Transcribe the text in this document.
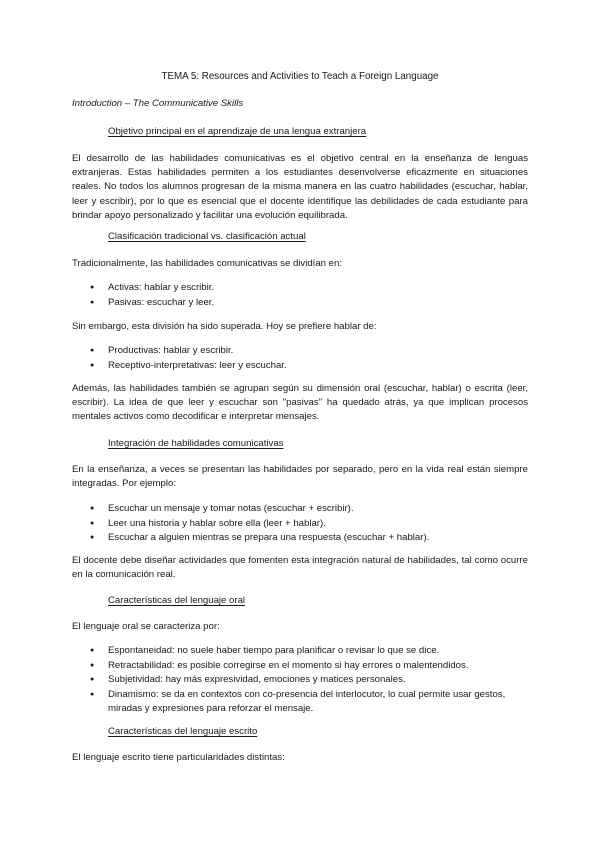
TEMA 5: Resources and Activities to Teach a Foreign Language
Introduction – The Communicative Skills
Objetivo principal en el aprendizaje de una lengua extranjera
El desarrollo de las habilidades comunicativas es el objetivo central en la enseñanza de lenguas extranjeras. Estas habilidades permiten a los estudiantes desenvolverse eficazmente en situaciones reales. No todos los alumnos progresan de la misma manera en las cuatro habilidades (escuchar, hablar, leer y escribir), por lo que es esencial que el docente identifique las debilidades de cada estudiante para brindar apoyo personalizado y facilitar una evolución equilibrada.
Clasificación tradicional vs. clasificación actual
Tradicionalmente, las habilidades comunicativas se dividían en:
● Activas: hablar y escribir.
● Pasivas: escuchar y leer.
Sin embargo, esta división ha sido superada. Hoy se prefiere hablar de:
● Productivas: hablar y escribir.
● Receptivo-interpretativas: leer y escuchar.
Además, las habilidades también se agrupan según su dimensión oral (escuchar, hablar) o escrita (leer, escribir). La idea de que leer y escuchar son "pasivas" ha quedado atrás, ya que implican procesos mentales activos como decodificar e interpretar mensajes.
Integración de habilidades comunicativas
En la enseñanza, a veces se presentan las habilidades por separado, pero en la vida real están siempre integradas. Por ejemplo:
● Escuchar un mensaje y tomar notas (escuchar + escribir).
● Leer una historia y hablar sobre ella (leer + hablar).
● Escuchar a alguien mientras se prepara una respuesta (escuchar + hablar).
El docente debe diseñar actividades que fomenten esta integración natural de habilidades, tal como ocurre en la comunicación real.
Características del lenguaje oral
El lenguaje oral se caracteriza por:
● Espontaneidad: no suele haber tiempo para planificar o revisar lo que se dice.
● Retractabilidad: es posible corregirse en el momento si hay errores o malentendidos.
● Subjetividad: hay más expresividad, emociones y matices personales.
● Dinamismo: se da en contextos con co-presencia del interlocutor, lo cual permite usar gestos, miradas y expresiones para reforzar el mensaje.
Características del lenguaje escrito
El lenguaje escrito tiene particularidades distintas:
